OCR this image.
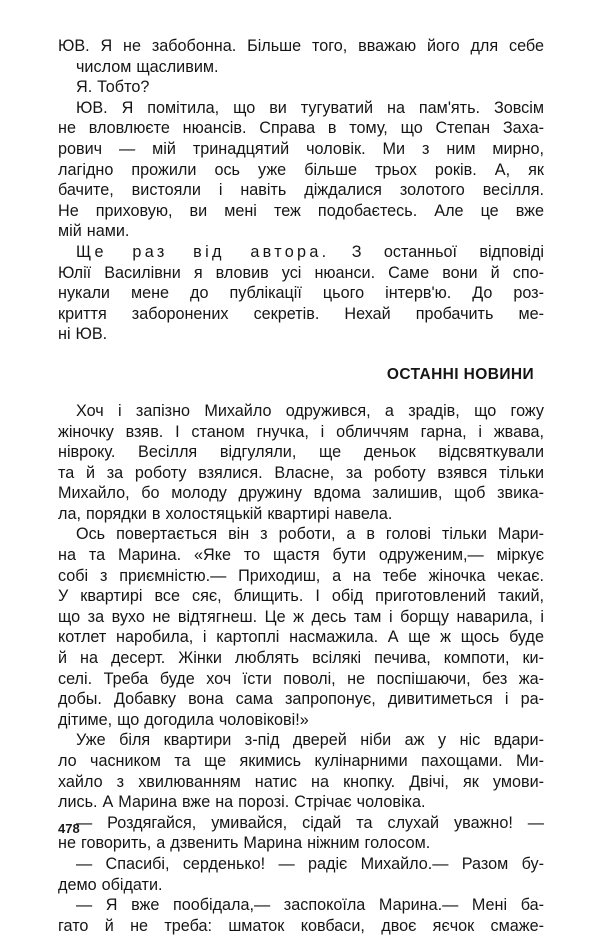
ЮВ. Я не забобонна. Більше того, вважаю його для себе
числом щасливим.
Я. Тобто?
ЮВ. Я помітила, що ви тугуватий на пам'ять. Зовсім
не вловлюєте нюансів. Справа в тому, що Степан Заха-
рович — мій тринадцятий чоловік. Ми з ним мирно,
лагідно прожили ось уже більше трьох років. А, як
бачите, вистояли і навіть діждалися золотого весілля.
Не приховую, ви мені теж подобаєтесь. Але це вже
мій нами.
Ще раз від автора. З останньої відповіді
Юлії Василівни я вловив усі нюанси. Саме вони й спо-
нукали мене до публікації цього інтерв'ю. До роз-
криття заборонених секретів. Нехай пробачить ме-
ні ЮВ.
ОСТАННІ НОВИНИ
Хоч і запізно Михайло одружився, а зрадів, що гожу
жіночку взяв. І станом гнучка, і обличчям гарна, і жвава,
нівроку. Весілля відгуляли, ще деньок відсвяткували
та й за роботу взялися. Власне, за роботу взявся тільки
Михайло, бо молоду дружину вдома залишив, щоб звика-
ла, порядки в холостяцькій квартирі навела.
Ось повертається він з роботи, а в голові тільки Мари-
на та Марина. «Яке то щастя бути одруженим,— міркує
собі з приємністю.— Приходиш, а на тебе жіночка чекає.
У квартирі все сяє, блищить. І обід приготовлений такий,
що за вухо не відтягнеш. Це ж десь там і борщу наварила, і
котлет наробила, і картоплі насмажила. А ще ж щось буде
й на десерт. Жінки люблять всілякі печива, компоти, ки-
селі. Треба буде хоч їсти поволі, не поспішаючи, без жа-
добы. Добавку вона сама запропонує, дивитиметься і ра-
дітиме, що догодила чоловікові!»
Уже біля квартири з-під дверей ніби аж у ніс вдари-
ло часником та ще якимись кулінарними пахощами. Ми-
хайло з хвилюванням натис на кнопку. Двічі, як умови-
лись. А Марина вже на порозі. Стрічає чоловіка.
— Роздягайся, умивайся, сідай та слухай уважно! —
не говорить, а дзвенить Марина ніжним голосом.
— Спасибі, серденько! — радіє Михайло.— Разом бу-
демо обідати.
— Я вже пообідала,— заспокоїла Марина.— Мені ба-
гато й не треба: шматок ковбаси, двоє яєчок смаже-
478
